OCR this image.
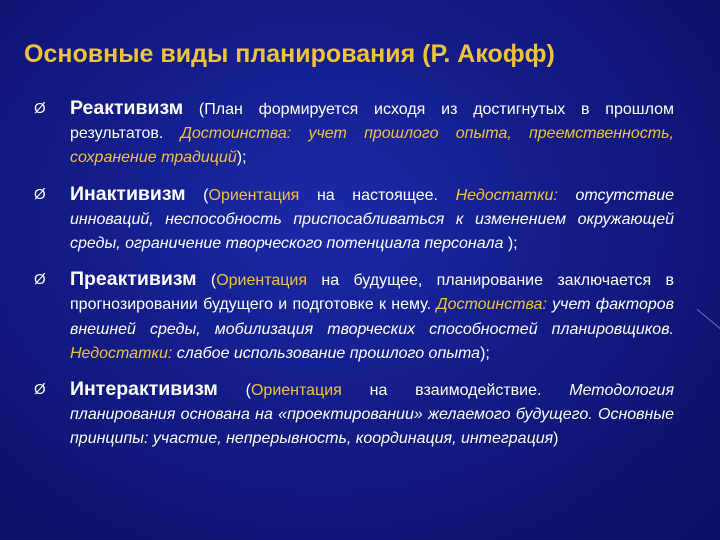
Основные виды планирования (Р. Акофф)
Ø Реактивизм (План формируется исходя из достигнутых в прошлом результатов. Достоинства: учет прошлого опыта, преемственность, сохранение традиций);

Ø Инактивизм (Ориентация на настоящее. Недостатки: отсутствие инноваций, неспособность приспосабливаться к изменением окружающей среды, ограничение творческого потенциала персонала );

Ø Преактивизм (Ориентация на будущее, планирование заключается в прогнозировании будущего и подготовке к нему. Достоинства: учет факторов внешней среды, мобилизация творческих способностей планировщиков. Недостатки: слабое использование прошлого опыта);

Ø Интерактивизм (Ориентация на взаимодействие. Методология планирования основана на «проектировании» желаемого будущего. Основные принципы: участие, непрерывность, координация, интеграция)
